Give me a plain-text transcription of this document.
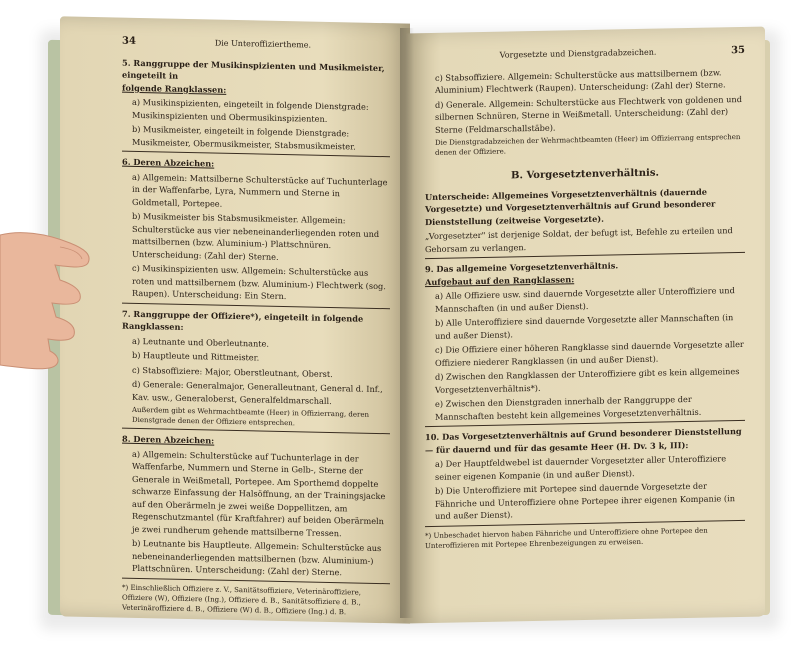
34	Die Unteroffiziertheme.
5. Ranggruppe der Musikinspizienten und Musikmeister, eingeteilt in
folgende Rangklassen:
a) Musikinspizienten, eingeteilt in folgende Dienstgrade: Musikinspizienten und Obermusikinspizienten.
b) Musikmeister, eingeteilt in folgende Dienstgrade: Musikmeister, Obermusikmeister, Stabsmusikmeister.
6. Deren Abzeichen:
a) Allgemein: Mattsilberne Schulterstücke auf Tuchunterlage in der Waffenfarbe, Lyra, Nummern und Sterne in Goldmetall, Portepee.
b) Musikmeister bis Stabsmusikmeister. Allgemein: Schulterstücke aus vier nebeneinanderliegenden roten und mattsilbernen (bzw. Aluminium-) Plattschnüren. Unterscheidung: (Zahl der) Sterne.
c) Musikinspizienten usw. Allgemein: Schulterstücke aus roten und mattsilbernem (bzw. Aluminium-) Flechtwerk (sog. Raupen). Unterscheidung: Ein Stern.
7. Ranggruppe der Offiziere*), eingeteilt in folgende Rangklassen:
a) Leutnante und Oberleutnante.
b) Hauptleute und Rittmeister.
c) Stabsoffiziere: Major, Oberstleutnant, Oberst.
d) Generale: Generalmajor, Generalleutnant, General d. Inf., Kav. usw., Generaloberst, Generalfeldmarschall.
Außerdem gibt es Wehrmachtbeamte (Heer) in Offizierrang, deren Dienstgrade denen der Offiziere entsprechen.
8. Deren Abzeichen:
a) Allgemein: Schulterstücke auf Tuchunterlage in der Waffenfarbe, Nummern und Sterne in Gelb-, Sterne der Generale in Weißmetall, Portepee. Am Sporthemd doppelte schwarze Einfassung der Halsöffnung, an der Trainingsjacke auf den Oberärmeln je zwei weiße Doppellitzen, am Regenschutzmantel (für Kraftfahrer) auf beiden Oberärmeln je zwei rundherum gehende mattsilberne Tressen.
b) Leutnante bis Hauptleute. Allgemein: Schulterstücke aus nebeneinanderliegenden mattsilbernen (bzw. Aluminium-) Plattschnüren. Unterscheidung: (Zahl der) Sterne.
*) Einschließlich Offiziere z. V., Sanitätsoffiziere, Veterinäroffiziere, Offiziere (W), Offiziere (Ing.), Offiziere d. B., Sanitätsoffiziere d. B., Veterinäroffiziere d. B., Offiziere (W) d. B., Offiziere (Ing.) d. B.
Vorgesetzte und Dienstgradabzeichen.	35
c) Stabsoffiziere. Allgemein: Schulterstücke aus mattsilbernem (bzw. Aluminium) Flechtwerk (Raupen). Unterscheidung: (Zahl der) Sterne.
d) Generale. Allgemein: Schulterstücke aus Flechtwerk von goldenen und silbernen Schnüren, Sterne in Weißmetall. Unterscheidung: (Zahl der) Sterne (Feldmarschallstäbe).
Die Dienstgradabzeichen der Wehrmachtbeamten (Heer) im Offizierrang entsprechen denen der Offiziere.
B. Vorgesetztenverhältnis.
Unterscheide: Allgemeines Vorgesetztenverhältnis (dauernde Vorgesetzte) und Vorgesetztenverhältnis auf Grund besonderer Dienststellung (zeitweise Vorgesetzte).

„Vorgesetzter" ist derjenige Soldat, der befugt ist, Befehle zu erteilen und Gehorsam zu verlangen.

9. Das allgemeine Vorgesetztenverhältnis.
Aufgebaut auf den Rangklassen:
a) Alle Offiziere usw. sind dauernde Vorgesetzte aller Unteroffiziere und Mannschaften (in und außer Dienst).
b) Alle Unteroffiziere sind dauernde Vorgesetzte aller Mannschaften (in und außer Dienst).
c) Die Offiziere einer höheren Rangklasse sind dauernde Vorgesetzte aller Offiziere niederer Rangklassen (in und außer Dienst).
d) Zwischen den Rangklassen der Unteroffiziere gibt es kein allgemeines Vorgesetztenverhältnis*).
e) Zwischen den Dienstgraden innerhalb der Ranggruppe der Mannschaften besteht kein allgemeines Vorgesetztenverhältnis.
10. Das Vorgesetztenverhältnis auf Grund besonderer Dienststellung — für dauernd und für das gesamte Heer (H. Dv. 3 k, III):
a) Der Hauptfeldwebel ist dauernder Vorgesetzter aller Unteroffiziere seiner eigenen Kompanie (in und außer Dienst).
b) Die Unteroffiziere mit Portepee sind dauernde Vorgesetzte der Fähnriche und Unteroffiziere ohne Portepee ihrer eigenen Kompanie (in und außer Dienst).
*) Unbeschadet hiervon haben Fähnriche und Unteroffiziere ohne Portepee den Unteroffizieren mit Portepee Ehrenbezeigungen zu erweisen.
